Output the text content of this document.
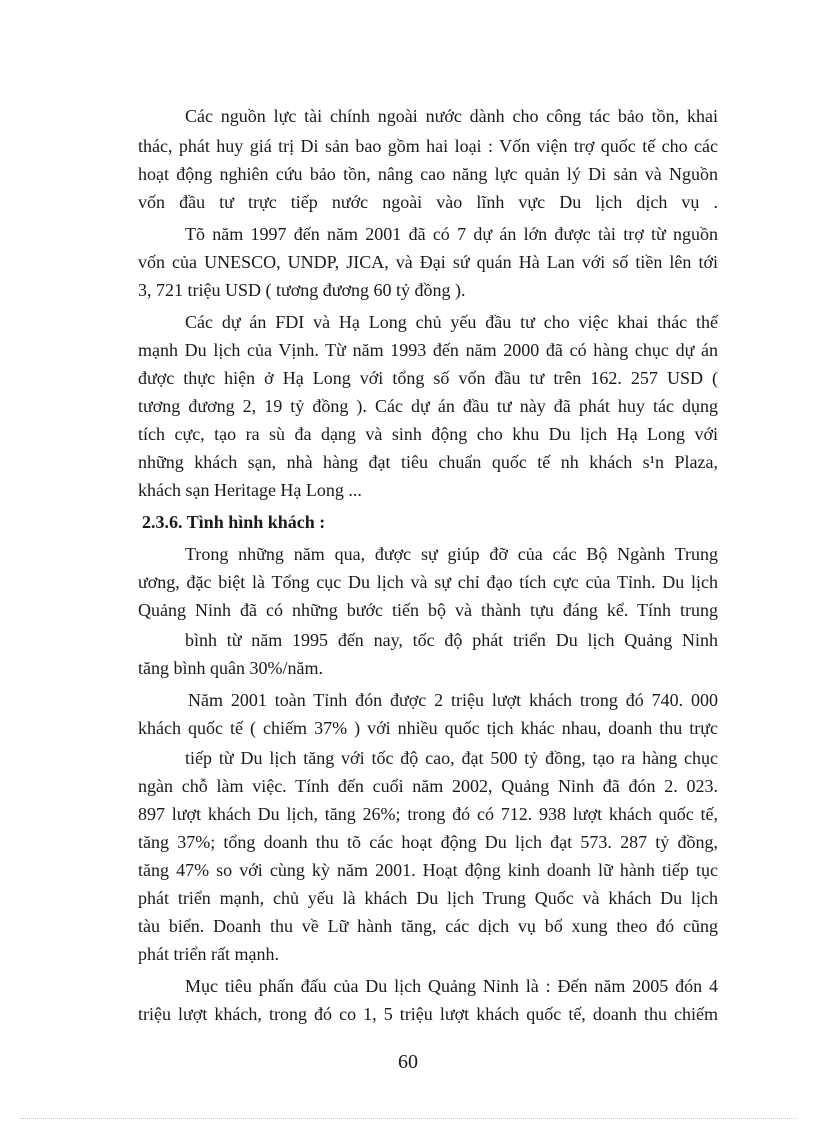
Các nguồn lực tài chính ngoài nước dành cho công tác bảo tồn, khai
thác, phát huy giá trị Di sản bao gồm hai loại : Vốn viện trợ quốc tế cho các
hoạt động nghiên cứu bảo tồn, nâng cao năng lực quản lý Di sản và Nguồn
vốn đầu tư trực tiếp nước ngoài vào lĩnh vực Du lịch dịch vụ .
Tõ năm 1997 đến năm 2001 đã có 7 dự án lớn được tài trợ từ nguồn
vốn của UNESCO, UNDP, JICA, và Đại sứ quán Hà Lan với số tiền lên tới
3, 721 triệu USD ( tương đương 60 tỷ đồng ).
Các dự án FDI và Hạ Long chủ yếu đầu tư cho việc khai thác thế
mạnh Du lịch của Vịnh. Từ năm 1993 đến năm 2000 đã có hàng chục dự án
được thực hiện ở Hạ Long với tổng số vốn đầu tư trên 162. 257 USD (
tương đương 2, 19 tỷ đồng ). Các dự án đầu tư này đã phát huy tác dụng
tích cực, tạo ra sù đa dạng và sinh động cho khu Du lịch Hạ Long với
những khách sạn, nhà hàng đạt tiêu chuẩn quốc tế nh khách s¹n Plaza,
khách sạn Heritage Hạ Long ...
2.3.6. Tình hình khách :
Trong những năm qua, được sự giúp đỡ của các Bộ Ngành Trung
ương, đặc biệt là Tổng cục Du lịch và sự chỉ đạo tích cực của Tỉnh. Du lịch
Quảng Ninh đã có những bước tiến bộ và thành tựu đáng kể. Tính trung
bình từ năm 1995 đến nay, tốc độ phát triển Du lịch Quảng Ninh
tăng bình quân 30%/năm.
Năm 2001 toàn Tỉnh đón được 2 triệu lượt khách trong đó 740. 000
khách quốc tế ( chiếm 37% ) với nhiều quốc tịch khác nhau, doanh thu trực
tiếp từ Du lịch tăng với tốc độ cao, đạt 500 tỷ đồng, tạo ra hàng chục
ngàn chỗ làm việc. Tính đến cuối năm 2002, Quảng Ninh đã đón 2. 023.
897 lượt khách Du lịch, tăng 26%; trong đó có 712. 938 lượt khách quốc tế,
tăng 37%; tổng doanh thu tõ các hoạt động Du lịch đạt 573. 287 tỷ đồng,
tăng 47% so với cùng kỳ năm 2001. Hoạt động kinh doanh lữ hành tiếp tục
phát triển mạnh, chủ yếu là khách Du lịch Trung Quốc và khách Du lịch
tàu biển. Doanh thu về Lữ hành tăng, các dịch vụ bổ xung theo đó cũng
phát triển rất mạnh.
Mục tiêu phấn đấu của Du lịch Quảng Ninh là : Đến năm 2005 đón 4
triệu lượt khách, trong đó co 1, 5 triệu lượt khách quốc tế, doanh thu chiếm
60
